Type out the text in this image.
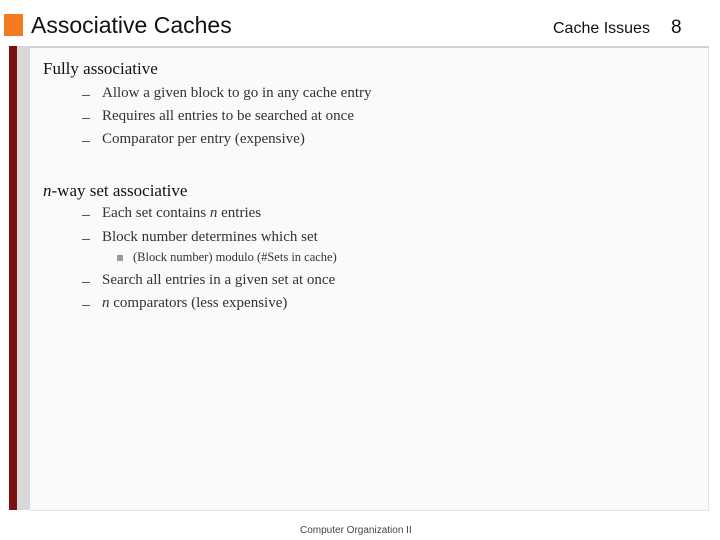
Associative Caches	Cache Issues 8
Fully associative
Allow a given block to go in any cache entry
Requires all entries to be searched at once
Comparator per entry (expensive)
n-way set associative
Each set contains n entries
Block number determines which set
(Block number) modulo (#Sets in cache)
Search all entries in a given set at once
n comparators (less expensive)
Computer Organization II
